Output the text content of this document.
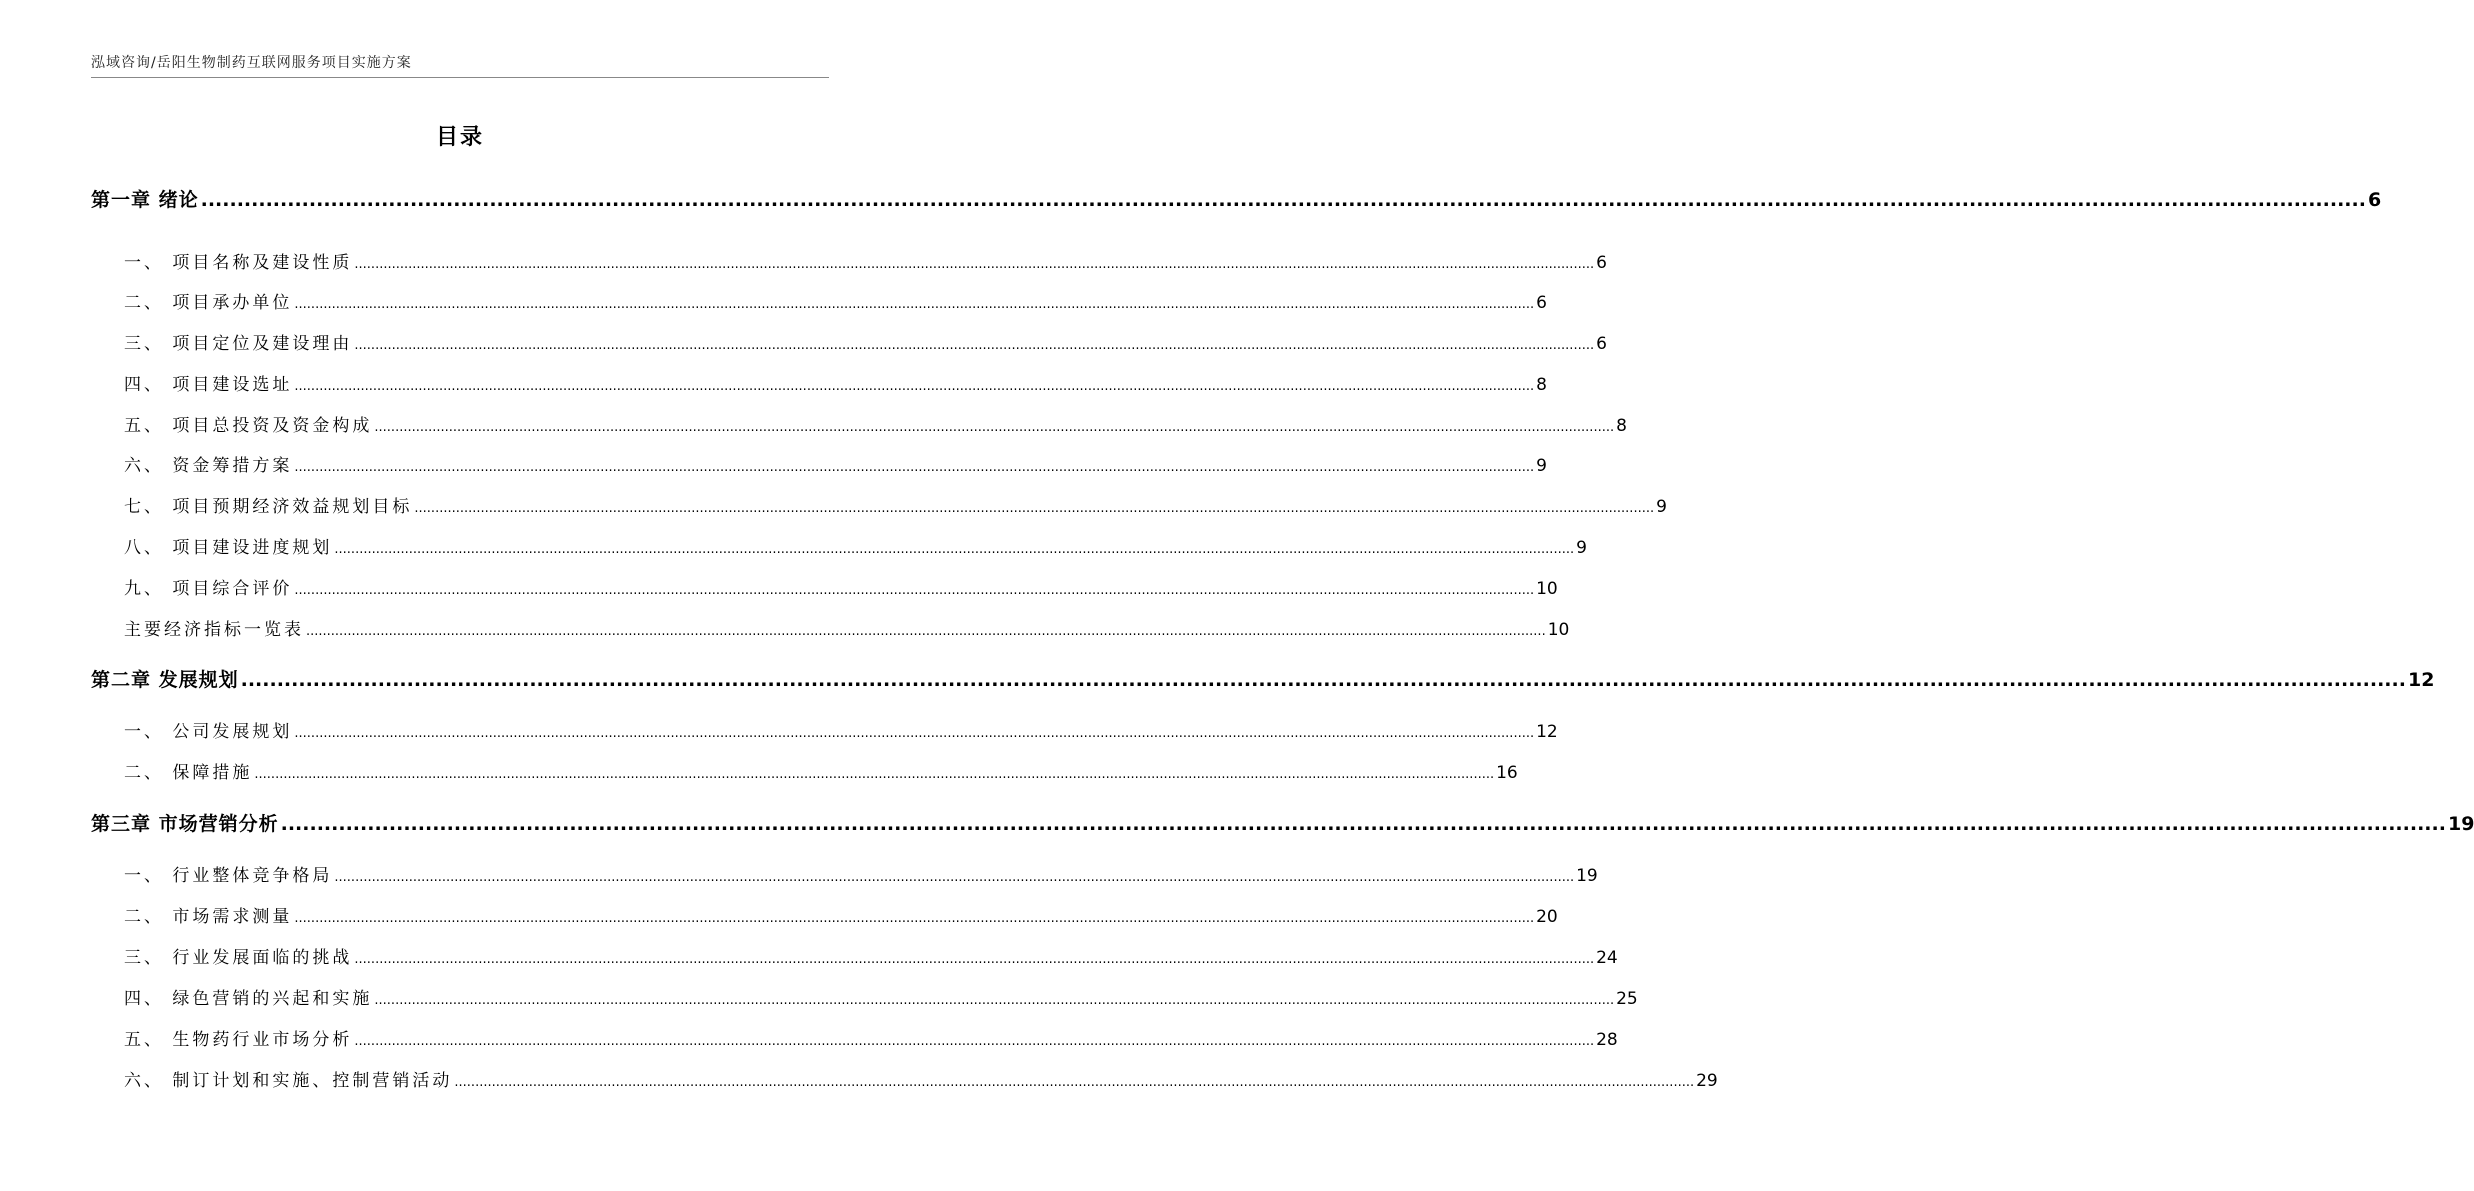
泓域咨询/岳阳生物制药互联网服务项目实施方案
目录
第一章 绪论 ............................................................................................................................................................................................................................................................................................................ 6
一、 项目名称及建设性质 ............................................................................................................................................................................................................................................................................................................ 6
二、 项目承办单位 ............................................................................................................................................................................................................................................................................................................ 6
三、 项目定位及建设理由 ............................................................................................................................................................................................................................................................................................................ 6
四、 项目建设选址 ............................................................................................................................................................................................................................................................................................................ 8
五、 项目总投资及资金构成 ............................................................................................................................................................................................................................................................................................................ 8
六、 资金筹措方案 ............................................................................................................................................................................................................................................................................................................ 9
七、 项目预期经济效益规划目标 ............................................................................................................................................................................................................................................................................................................ 9
八、 项目建设进度规划 ............................................................................................................................................................................................................................................................................................................ 9
九、 项目综合评价 ............................................................................................................................................................................................................................................................................................................ 10
主要经济指标一览表 ............................................................................................................................................................................................................................................................................................................ 10
第二章 发展规划 ............................................................................................................................................................................................................................................................................................................ 12
一、 公司发展规划 ............................................................................................................................................................................................................................................................................................................ 12
二、 保障措施 ............................................................................................................................................................................................................................................................................................................ 16
第三章 市场营销分析 ............................................................................................................................................................................................................................................................................................................ 19
一、 行业整体竞争格局 ............................................................................................................................................................................................................................................................................................................ 19
二、 市场需求测量 ............................................................................................................................................................................................................................................................................................................ 20
三、 行业发展面临的挑战 ............................................................................................................................................................................................................................................................................................................ 24
四、 绿色营销的兴起和实施 ............................................................................................................................................................................................................................................................................................................ 25
五、 生物药行业市场分析 ............................................................................................................................................................................................................................................................................................................ 28
六、 制订计划和实施、控制营销活动 ............................................................................................................................................................................................................................................................................................................ 29
